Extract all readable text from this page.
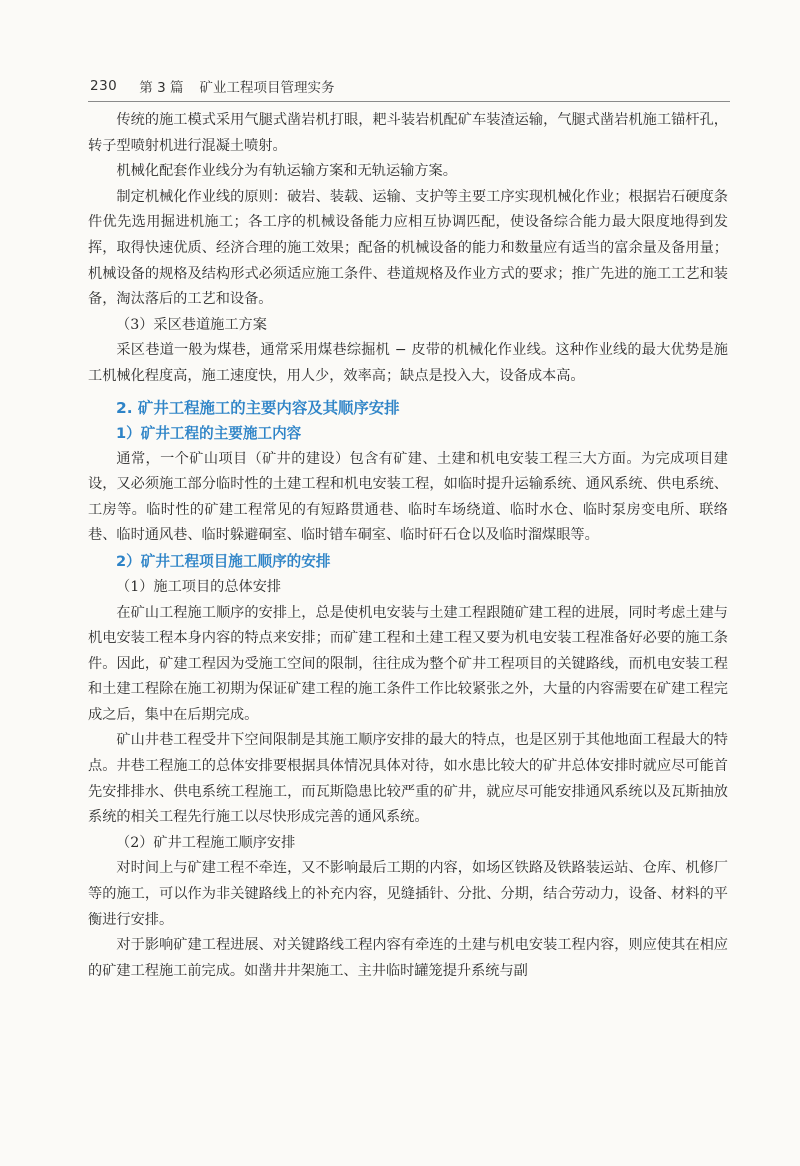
230 第 3 篇 矿业工程项目管理实务

传统的施工模式采用气腿式凿岩机打眼，耙斗装岩机配矿车装渣运输，气腿式凿岩机施工锚杆孔，转子型喷射机进行混凝土喷射。

机械化配套作业线分为有轨运输方案和无轨运输方案。

制定机械化作业线的原则：破岩、装载、运输、支护等主要工序实现机械化作业；根据岩石硬度条件优先选用掘进机施工；各工序的机械设备能力应相互协调匹配，使设备综合能力最大限度地得到发挥，取得快速优质、经济合理的施工效果；配备的机械设备的能力和数量应有适当的富余量及备用量；机械设备的规格及结构形式必须适应施工条件、巷道规格及作业方式的要求；推广先进的施工工艺和装备，淘汰落后的工艺和设备。

（3）采区巷道施工方案

采区巷道一般为煤巷，通常采用煤巷综掘机 − 皮带的机械化作业线。这种作业线的最大优势是施工机械化程度高，施工速度快，用人少，效率高；缺点是投入大，设备成本高。

2. 矿井工程施工的主要内容及其顺序安排
1）矿井工程的主要施工内容

通常，一个矿山项目（矿井的建设）包含有矿建、土建和机电安装工程三大方面。为完成项目建设，又必须施工部分临时性的土建工程和机电安装工程，如临时提升运输系统、通风系统、供电系统、工房等。临时性的矿建工程常见的有短路贯通巷、临时车场绕道、临时水仓、临时泵房变电所、联络巷、临时通风巷、临时躲避硐室、临时错车硐室、临时矸石仓以及临时溜煤眼等。

2）矿井工程项目施工顺序的安排

（1）施工项目的总体安排

在矿山工程施工顺序的安排上，总是使机电安装与土建工程跟随矿建工程的进展，同时考虑土建与机电安装工程本身内容的特点来安排；而矿建工程和土建工程又要为机电安装工程准备好必要的施工条件。因此，矿建工程因为受施工空间的限制，往往成为整个矿井工程项目的关键路线，而机电安装工程和土建工程除在施工初期为保证矿建工程的施工条件工作比较紧张之外，大量的内容需要在矿建工程完成之后，集中在后期完成。

矿山井巷工程受井下空间限制是其施工顺序安排的最大的特点，也是区别于其他地面工程最大的特点。井巷工程施工的总体安排要根据具体情况具体对待，如水患比较大的矿井总体安排时就应尽可能首先安排排水、供电系统工程施工，而瓦斯隐患比较严重的矿井，就应尽可能安排通风系统以及瓦斯抽放系统的相关工程先行施工以尽快形成完善的通风系统。

（2）矿井工程施工顺序安排

对时间上与矿建工程不牵连，又不影响最后工期的内容，如场区铁路及铁路装运站、仓库、机修厂等的施工，可以作为非关键路线上的补充内容，见缝插针、分批、分期，结合劳动力，设备、材料的平衡进行安排。

对于影响矿建工程进展、对关键路线工程内容有牵连的土建与机电安装工程内容，则应使其在相应的矿建工程施工前完成。如凿井井架施工、主井临时罐笼提升系统与副
